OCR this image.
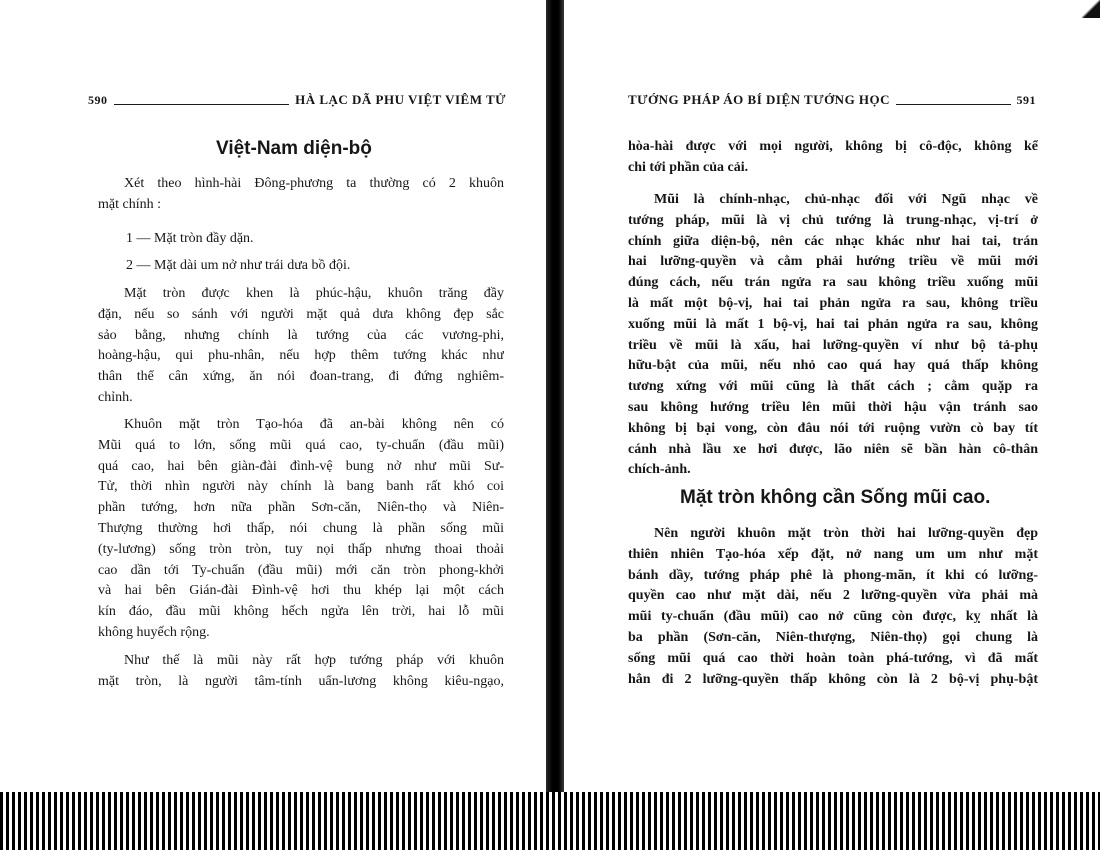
590	HÀ LẠC DÃ PHU VIỆT VIÊM TỬ	TƯỚNG PHÁP ÁO BÍ DIỆN TƯỚNG HỌC	591
Việt-Nam diện-bộ
Xét theo hình-hài Đông-phương ta thường có 2 khuôn
mặt chính :
1 — Mặt tròn đầy dặn.
2 — Mặt dài um nở như trái dưa bồ đội.
Mặt tròn được khen là phúc-hậu, khuôn trăng đầy
đặn, nếu so sánh với người mặt quả dưa không đẹp sắc
sảo bằng, nhưng chính là tướng của các vương-phi,
hoàng-hậu, qui phu-nhân, nếu hợp thêm tướng khác như
thân thể cân xứng, ăn nói đoan-trang, đi đứng nghiêm-
chỉnh.
Khuôn mặt tròn Tạo-hóa đã an-bài không nên có
Mũi quá to lớn, sống mũi quá cao, ty-chuẩn (đầu mũi)
quá cao, hai bên giàn-đài đình-vệ bung nở như mũi Sư-
Tử, thời nhìn người này chính là bang banh rất khó coi
phần tướng, hơn nữa phần Sơn-căn, Niên-thọ và Niên-
Thượng thường hơi thấp, nói chung là phần sống mũi
(ty-lương) sống tròn tròn, tuy nọi thấp nhưng thoai thoải
cao dần tới Ty-chuẩn (đầu mũi) mới căn tròn phong-khởi
và hai bên Gián-đài Đình-vệ hơi thu khép lại một cách
kín đáo, đầu mũi không hếch ngửa lên trời, hai lỗ mũi
không huyếch rộng.
Như thế là mũi này rất hợp tướng pháp với khuôn
mặt tròn, là người tâm-tính uẩn-lương không kiêu-ngạo,
hòa-hài được với mọi người, không bị cô-độc, không kể
chi tới phần của cải.
Mũi là chính-nhạc, chủ-nhạc đối với Ngũ nhạc về
tướng pháp, mũi là vị chủ tướng là trung-nhạc, vị-trí ở
chính giữa diện-bộ, nên các nhạc khác như hai tai, trán
hai lưỡng-quyền và cằm phải hướng triều về mũi mới
đúng cách, nếu trán ngửa ra sau không triều xuống mũi
là mất một bộ-vị, hai tai phản ngửa ra sau, không triều
xuống mũi là mất 1 bộ-vị, hai tai phản ngửa ra sau, không
triều về mũi là xấu, hai lưỡng-quyền ví như bộ tả-phụ
hữu-bật của mũi, nếu nhỏ cao quá hay quá thấp không
tương xứng với mũi cũng là thất cách ; cằm quặp ra
sau không hướng triều lên mũi thời hậu vận tránh sao
không bị bại vong, còn đâu nói tới ruộng vườn cò bay tít
cánh nhà lầu xe hơi được, lão niên sẽ bần hàn cô-thân
chích-ảnh.
Mặt tròn không cần Sống mũi cao.
Nên người khuôn mặt tròn thời hai lưỡng-quyền đẹp
thiên nhiên Tạo-hóa xếp đặt, nở nang um um như mặt
bánh dầy, tướng pháp phê là phong-mãn, ít khi có lưỡng-
quyền cao như mặt dài, nếu 2 lưỡng-quyền vừa phải mà
mũi ty-chuẩn (đầu mũi) cao nở cũng còn được, kỵ nhất là
ba phần (Sơn-căn, Niên-thượng, Niên-thọ) gọi chung là
sống mũi quá cao thời hoàn toàn phá-tướng, vì đã mất
hẳn đi 2 lưỡng-quyền thấp không còn là 2 bộ-vị phụ-bật
